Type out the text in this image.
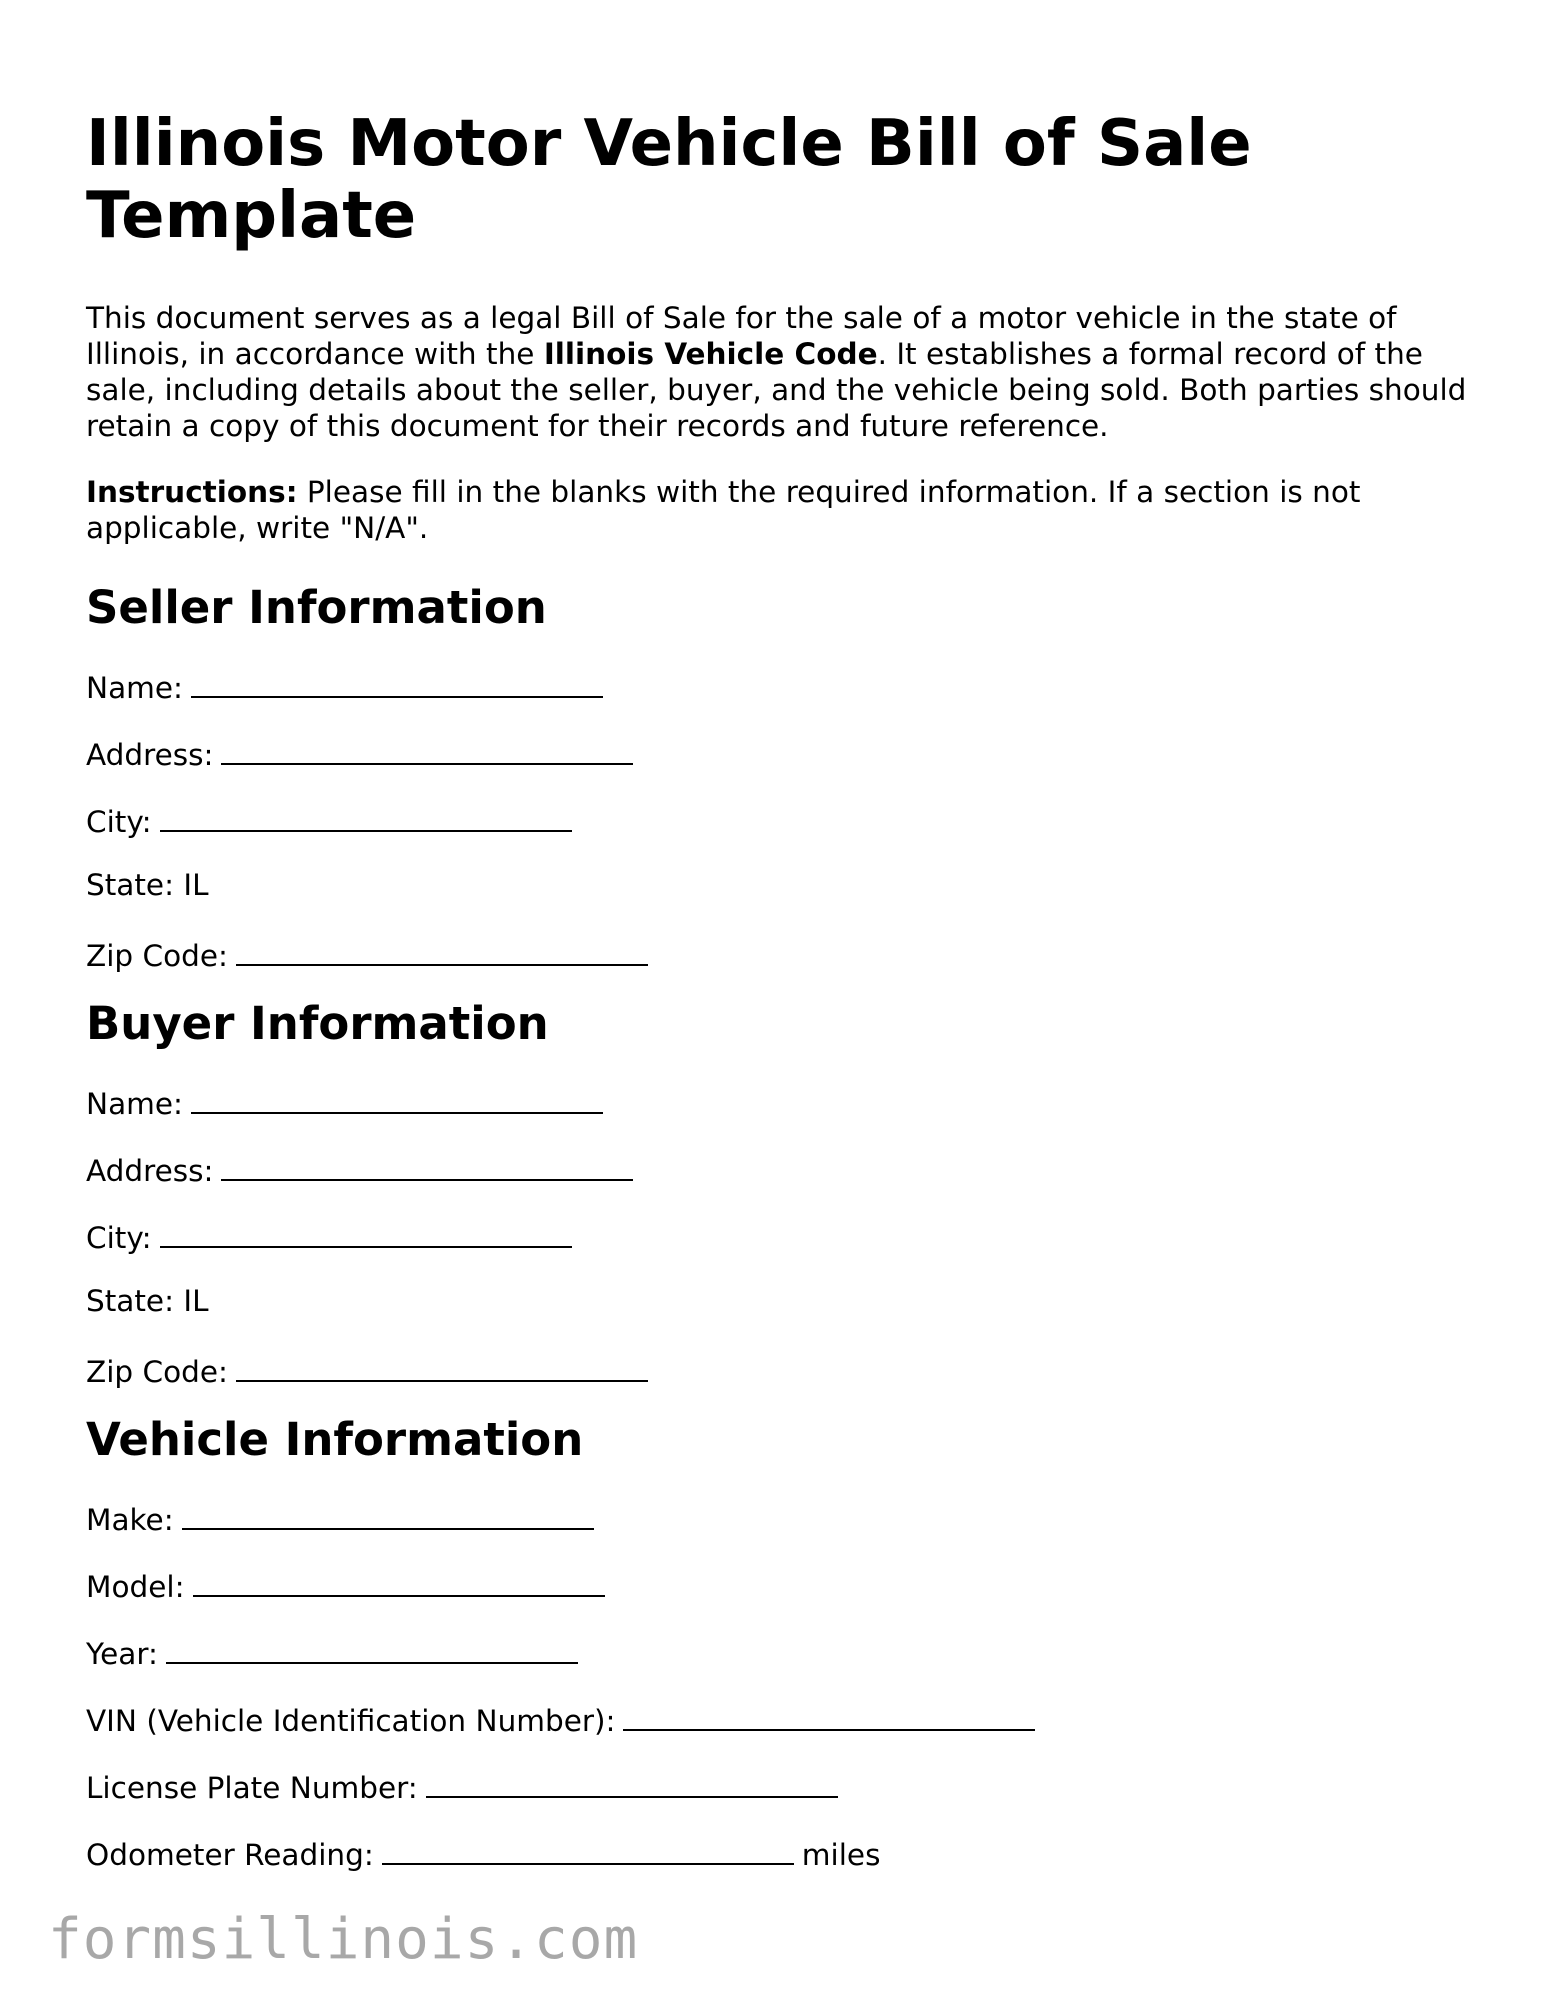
Illinois Motor Vehicle Bill of Sale Template

This document serves as a legal Bill of Sale for the sale of a motor vehicle in the state of Illinois, in accordance with the Illinois Vehicle Code. It establishes a formal record of the sale, including details about the seller, buyer, and the vehicle being sold. Both parties should retain a copy of this document for their records and future reference.

Instructions: Please fill in the blanks with the required information. If a section is not applicable, write "N/A".

Seller Information
Name:
Address:
City:
State: IL
Zip Code:
Buyer Information
Name:
Address:
City:
State: IL
Zip Code:
Vehicle Information
Make:
Model:
Year:
VIN (Vehicle Identification Number):
License Plate Number:
Odometer Reading:	miles
formsillinois.com
